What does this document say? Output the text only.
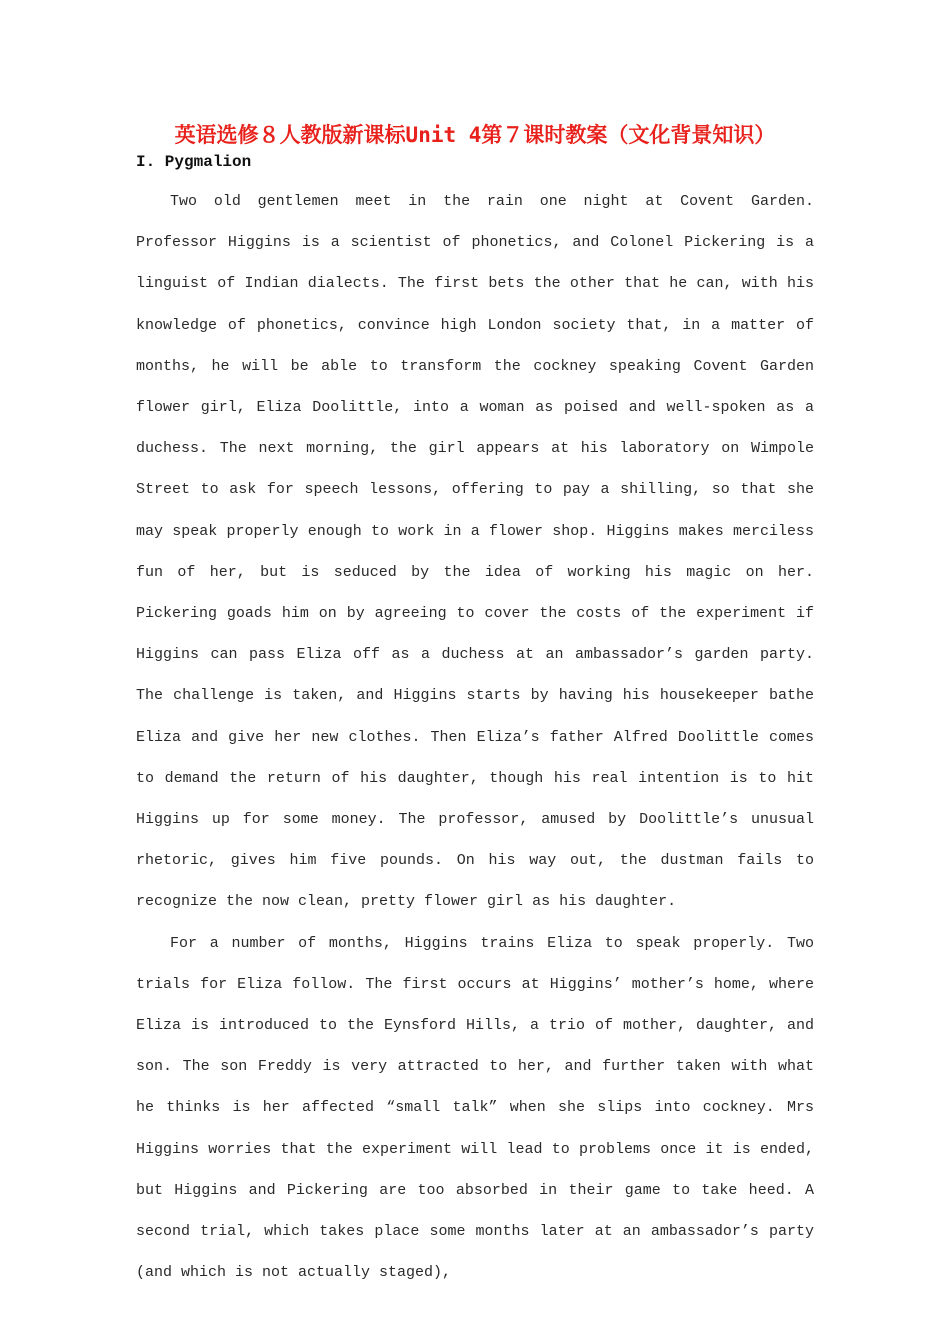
英语选修８人教版新课标Unit 4第７课时教案（文化背景知识）
I. Pygmalion

Two old gentlemen meet in the rain one night at Covent Garden. Professor Higgins is a scientist of phonetics, and Colonel Pickering is a linguist of Indian dialects. The first bets the other that he can, with his knowledge of phonetics, convince high London society that, in a matter of months, he will be able to transform the cockney speaking Covent Garden flower girl, Eliza Doolittle, into a woman as poised and well-spoken as a duchess. The next morning, the girl appears at his laboratory on Wimpole Street to ask for speech lessons, offering to pay a shilling, so that she may speak properly enough to work in a flower shop. Higgins makes merciless fun of her, but is seduced by the idea of working his magic on her. Pickering goads him on by agreeing to cover the costs of the experiment if Higgins can pass Eliza off as a duchess at an ambassador’s garden party. The challenge is taken, and Higgins starts by having his housekeeper bathe Eliza and give her new clothes. Then Eliza’s father Alfred Doolittle comes to demand the return of his daughter, though his real intention is to hit Higgins up for some money. The professor, amused by Doolittle’s unusual rhetoric, gives him five pounds. On his way out, the dustman fails to recognize the now clean, pretty flower girl as his daughter.

For a number of months, Higgins trains Eliza to speak properly. Two trials for Eliza follow. The first occurs at Higgins’ mother’s home, where Eliza is introduced to the Eynsford Hills, a trio of mother, daughter, and son. The son Freddy is very attracted to her, and further taken with what he thinks is her affected “small talk” when she slips into cockney. Mrs Higgins worries that the experiment will lead to problems once it is ended, but Higgins and Pickering are too absorbed in their game to take heed. A second trial, which takes place some months later at an ambassador’s party (and which is not actually staged),
